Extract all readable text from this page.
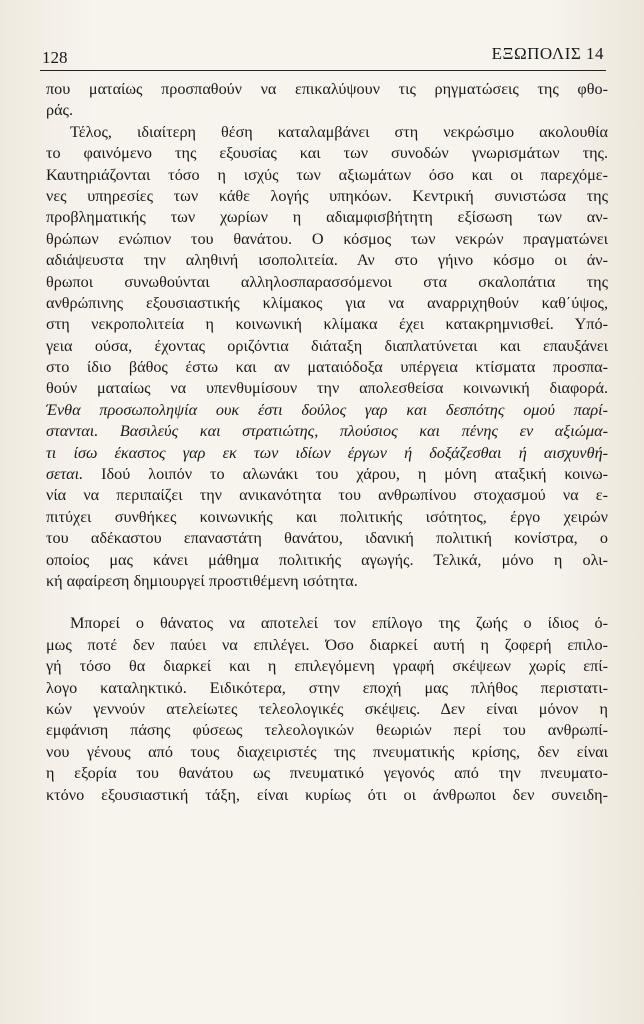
128	ΕΞΩΠΟΛΙΣ 14
που ματαίως προσπαθούν να επικαλύψουν τις ρηγματώσεις της φθο-
ράς.
Τέλος, ιδιαίτερη θέση καταλαμβάνει στη νεκρώσιμο ακολουθία
το φαινόμενο της εξουσίας και των συνοδών γνωρισμάτων της.
Καυτηριάζονται τόσο η ισχύς των αξιωμάτων όσο και οι παρεχόμε-
νες υπηρεσίες των κάθε λογής υπηκόων. Κεντρική συνιστώσα της
προβληματικής των χωρίων η αδιαμφισβήτητη εξίσωση των αν-
θρώπων ενώπιον του θανάτου. Ο κόσμος των νεκρών πραγματώνει
αδιάψευστα την αληθινή ισοπολιτεία. Αν στο γήινο κόσμο οι άν-
θρωποι συνωθούνται αλληλοσπαρασσόμενοι στα σκαλοπάτια της
ανθρώπινης εξουσιαστικής κλίμακος για να αναρριχηθούν καθ΄ύψος,
στη νεκροπολιτεία η κοινωνική κλίμακα έχει κατακρημνισθεί. Υπό-
γεια ούσα, έχοντας οριζόντια διάταξη διαπλατύνεται και επαυξάνει
στο ίδιο βάθος έστω και αν ματαιόδοξα υπέργεια κτίσματα προσπα-
θούν ματαίως να υπενθυμίσουν την απολεσθείσα κοινωνική διαφορά.
Ένθα προσωποληψία ουκ έστι δούλος γαρ και δεσπότης ομού παρί-
στανται. Βασιλεύς και στρατιώτης, πλούσιος και πένης εν αξιώμα-
τι ίσω έκαστος γαρ εκ των ιδίων έργων ή δοξάζεσθαι ή αισχυνθή-
σεται. Ιδού λοιπόν το αλωνάκι του χάρου, η μόνη αταξική κοινω-
νία να περιπαίζει την ανικανότητα του ανθρωπίνου στοχασμού να ε-
πιτύχει συνθήκες κοινωνικής και πολιτικής ισότητος, έργο χειρών
του αδέκαστου επαναστάτη θανάτου, ιδανική πολιτική κονίστρα, ο
οποίος μας κάνει μάθημα πολιτικής αγωγής. Τελικά, μόνο η ολι-
κή αφαίρεση δημιουργεί προστιθέμενη ισότητα.
Μπορεί ο θάνατος να αποτελεί τον επίλογο της ζωής ο ίδιος ό-
μως ποτέ δεν παύει να επιλέγει. Όσο διαρκεί αυτή η ζοφερή επιλο-
γή τόσο θα διαρκεί και η επιλεγόμενη γραφή σκέψεων χωρίς επί-
λογο καταληκτικό. Ειδικότερα, στην εποχή μας πλήθος περιστατι-
κών γεννούν ατελείωτες τελεολογικές σκέψεις. Δεν είναι μόνον η
εμφάνιση πάσης φύσεως τελεολογικών θεωριών περί του ανθρωπί-
νου γένους από τους διαχειριστές της πνευματικής κρίσης, δεν είναι
η εξορία του θανάτου ως πνευματικό γεγονός από την πνευματο-
κτόνο εξουσιαστική τάξη, είναι κυρίως ότι οι άνθρωποι δεν συνειδη-
